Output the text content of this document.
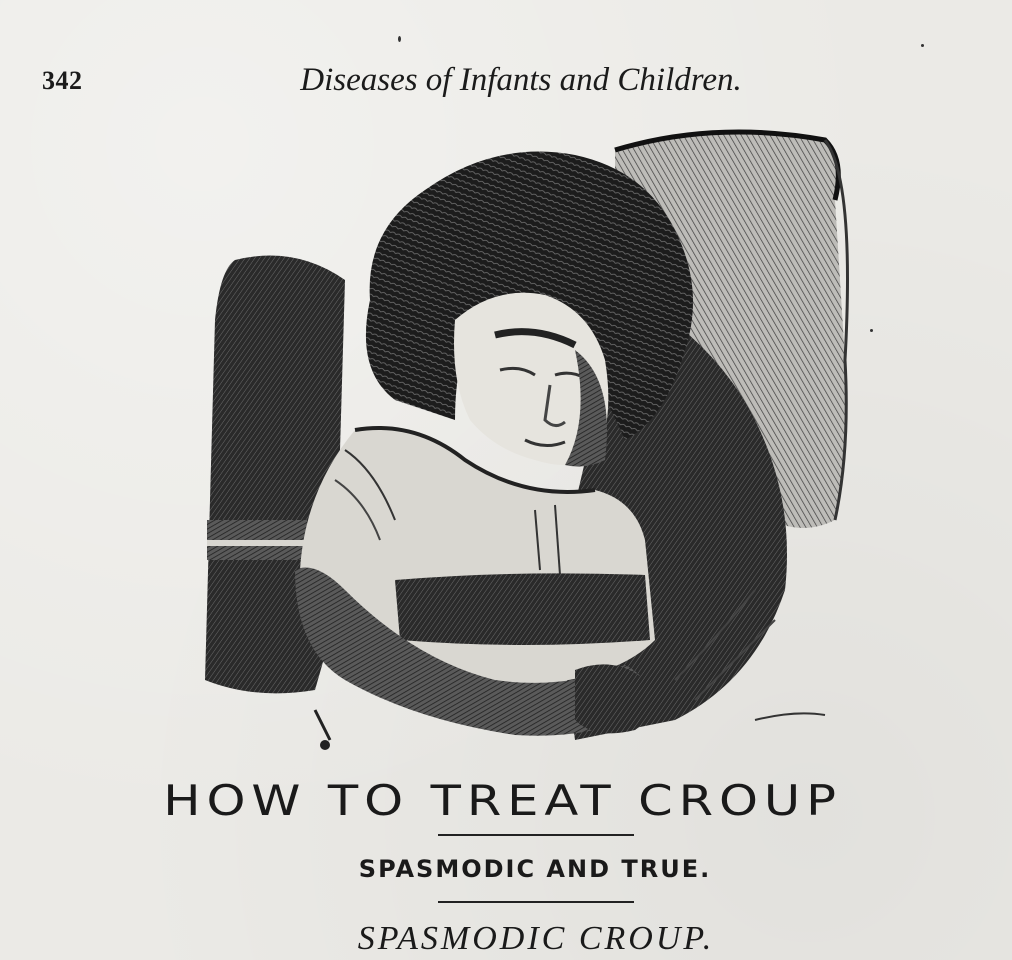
342	Diseases of Infants and Children.
HOW TO TREAT CROUP
SPASMODIC AND TRUE.
SPASMODIC CROUP.
